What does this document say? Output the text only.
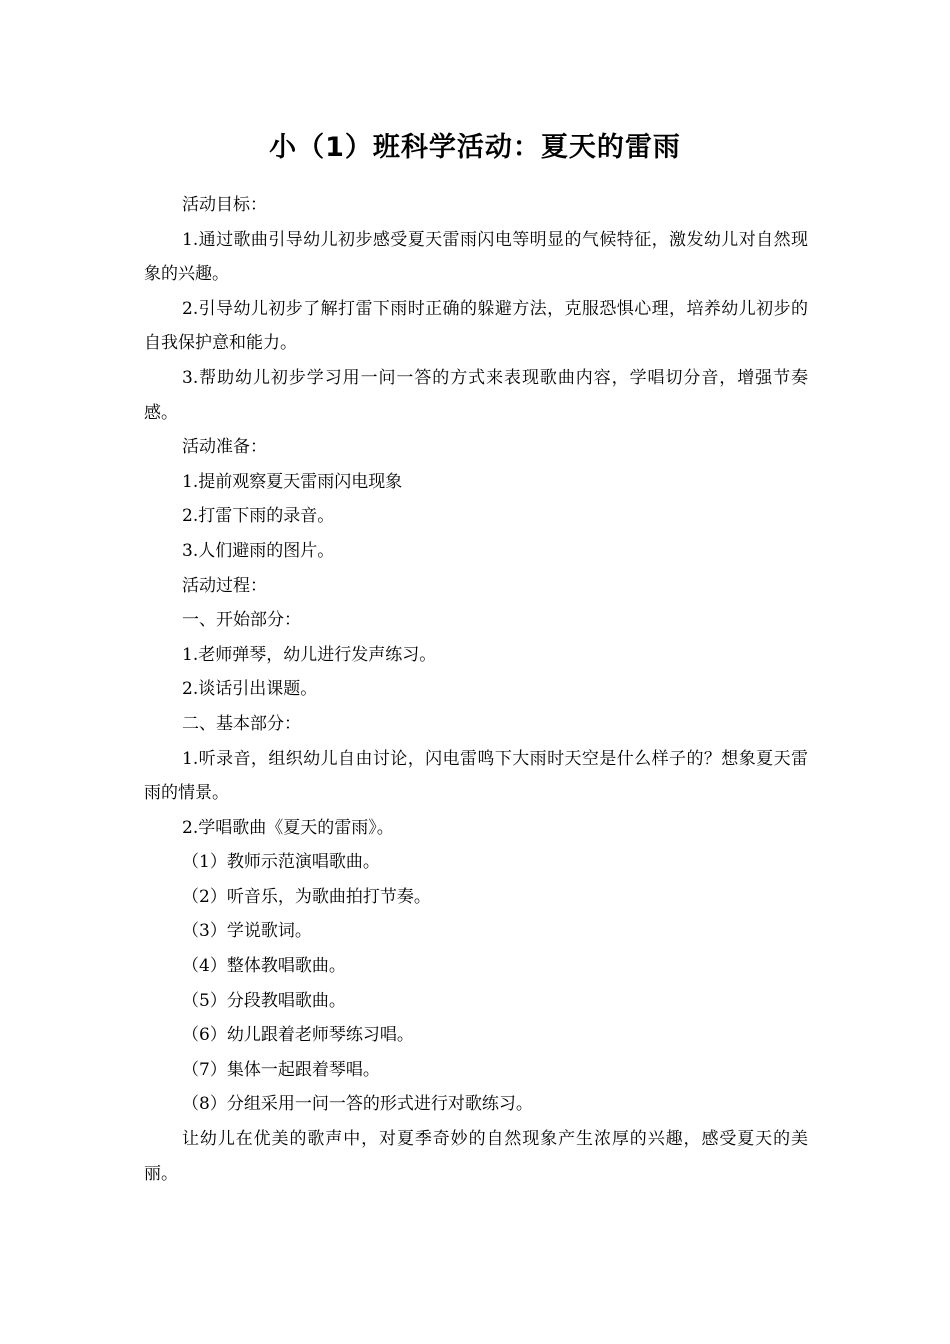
小（1）班科学活动：夏天的雷雨

活动目标：

1.通过歌曲引导幼儿初步感受夏天雷雨闪电等明显的气候特征，激发幼儿对自然现象的兴趣。

2.引导幼儿初步了解打雷下雨时正确的躲避方法，克服恐惧心理，培养幼儿初步的自我保护意和能力。

3.帮助幼儿初步学习用一问一答的方式来表现歌曲内容，学唱切分音，增强节奏感。

活动准备：

1.提前观察夏天雷雨闪电现象

2.打雷下雨的录音。

3.人们避雨的图片。

活动过程：

一、开始部分：

1.老师弹琴，幼儿进行发声练习。

2.谈话引出课题。

二、基本部分：

1.听录音，组织幼儿自由讨论，闪电雷鸣下大雨时天空是什么样子的？想象夏天雷雨的情景。

2.学唱歌曲《夏天的雷雨》。

（1）教师示范演唱歌曲。

（2）听音乐，为歌曲拍打节奏。

（3）学说歌词。

（4）整体教唱歌曲。

（5）分段教唱歌曲。

（6）幼儿跟着老师琴练习唱。

（7）集体一起跟着琴唱。

（8）分组采用一问一答的形式进行对歌练习。

让幼儿在优美的歌声中，对夏季奇妙的自然现象产生浓厚的兴趣，感受夏天的美丽。
